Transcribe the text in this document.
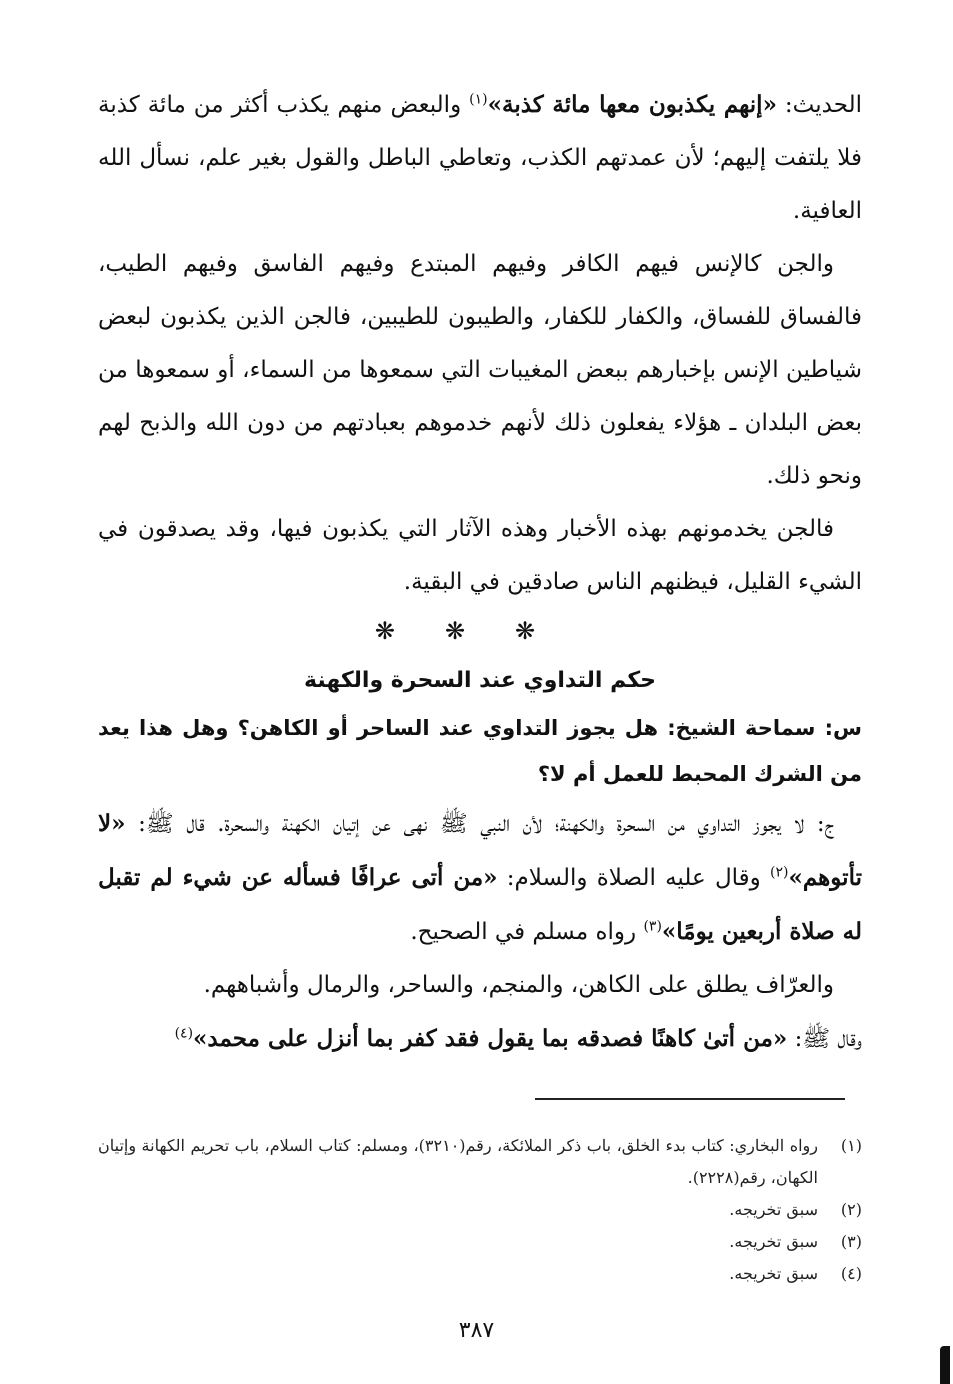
الحديث: «إنهم يكذبون معها مائة كذبة»$^{(١)}$ والبعض منهم يكذب أكثر من مائة كذبة فلا يلتفت إليهم؛ لأن عمدتهم الكذب، وتعاطي الباطل والقول بغير علم، نسأل الله العافية.

والجن كالإنس فيهم الكافر وفيهم المبتدع وفيهم الفاسق وفيهم الطيب، فالفساق للفساق، والكفار للكفار، والطيبون للطيبين، فالجن الذين يكذبون لبعض شياطين الإنس بإخبارهم ببعض المغيبات التي سمعوها من السماء، أو سمعوها من بعض البلدان ـ هؤلاء يفعلون ذلك لأنهم خدموهم بعبادتهم من دون الله والذبح لهم ونحو ذلك.

فالجن يخدمونهم بهذه الأخبار وهذه الآثار التي يكذبون فيها، وقد يصدقون في الشيء القليل، فيظنهم الناس صادقين في البقية.

❋❋❋
حكم التداوي عند السحرة والكهنة
س: سماحة الشيخ: هل يجوز التداوي عند الساحر أو الكاهن؟ وهل هذا يعد من الشرك المحبط للعمل أم لا؟

ج: لا يجوز التداوي من السحرة والكهنة؛ لأن النبي ﷺ نهى عن إتيان الكهنة والسحرة. قال ﷺ: «لا تأتوهم»$^{(٢)}$ وقال عليه الصلاة والسلام: «من أتى عرافًا فسأله عن شيء لم تقبل له صلاة أربعين يومًا»$^{(٣)}$ رواه مسلم في الصحيح.

والعرّاف يطلق على الكاهن، والمنجم، والساحر، والرمال وأشباههم.

وقال ﷺ: «من أتىٰ كاهنًا فصدقه بما يقول فقد كفر بما أنزل على محمد»$^{(٤)}$

(١)
رواه البخاري: كتاب بدء الخلق، باب ذكر الملائكة، رقم(٣٢١٠)، ومسلم: كتاب السلام، باب تحريم الكهانة وإتيان الكهان، رقم(٢٢٢٨).
(٢)
سبق تخريجه.
(٣)
سبق تخريجه.
(٤)
سبق تخريجه.
٣٨٧
